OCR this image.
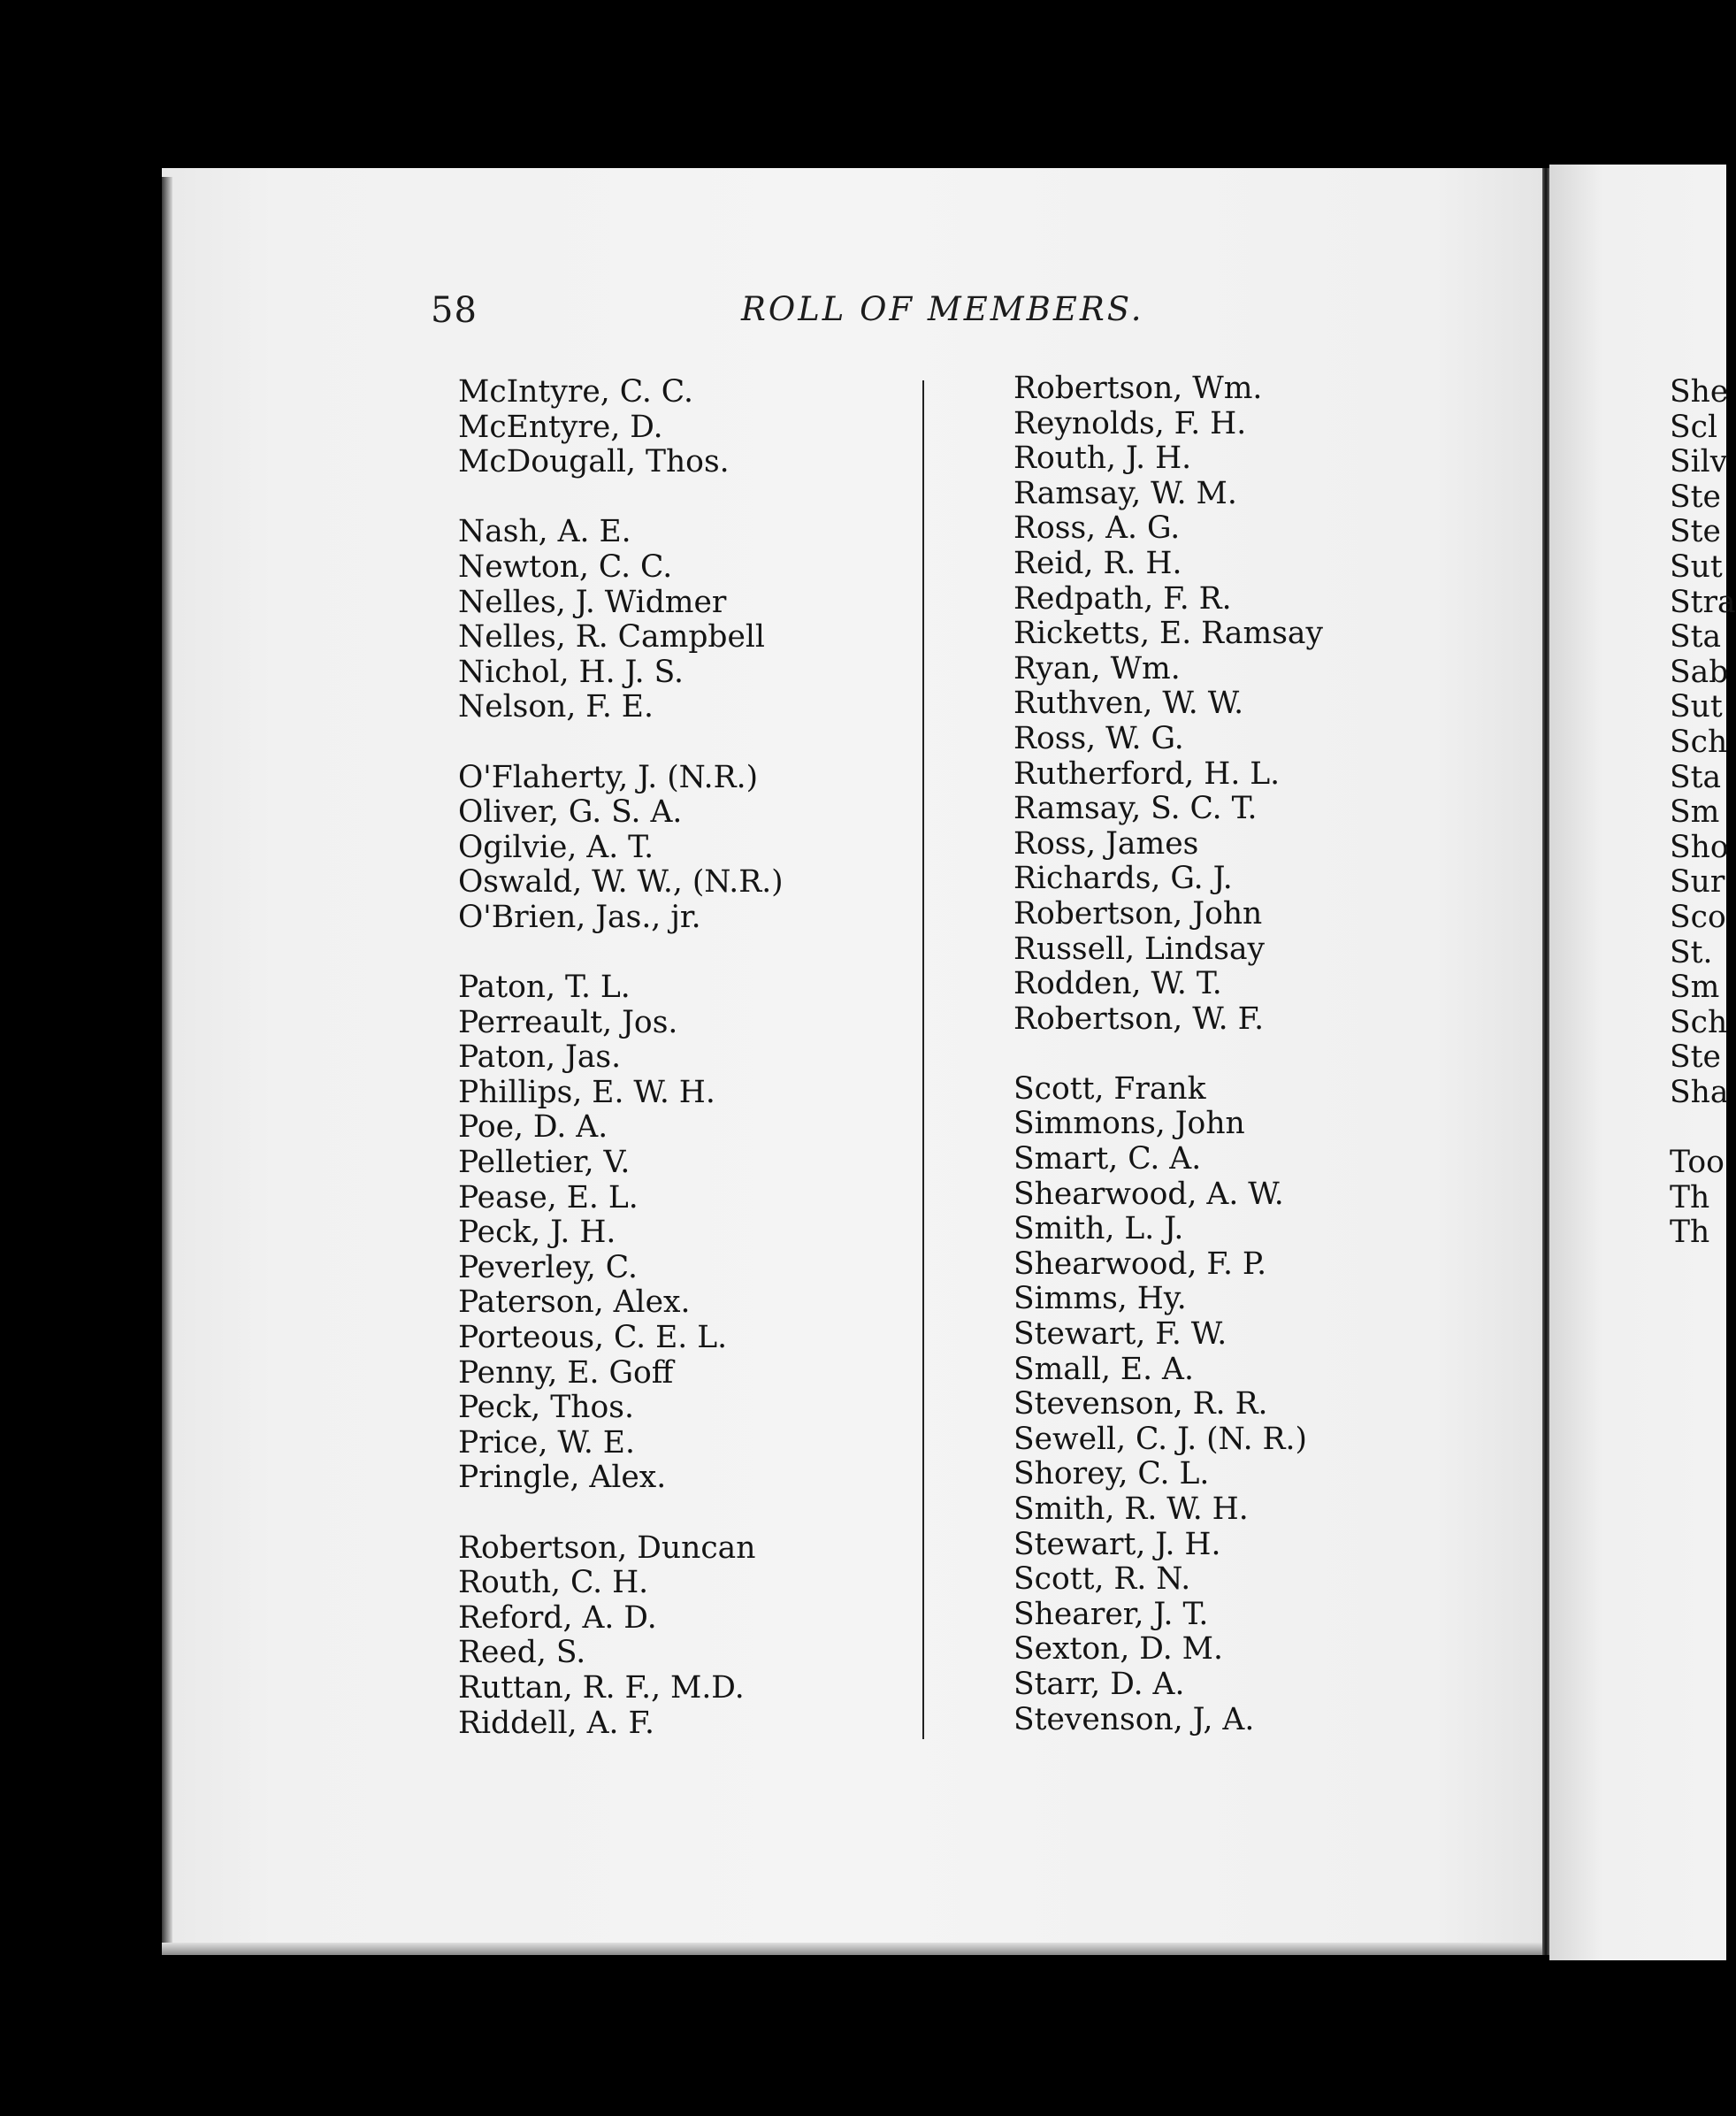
58	ROLL OF MEMBERS.
McIntyre, C. C.
McEntyre, D.
McDougall, Thos.
Nash, A. E.
Newton, C. C.
Nelles, J. Widmer
Nelles, R. Campbell
Nichol, H. J. S.
Nelson, F. E.
O'Flaherty, J. (N.R.)
Oliver, G. S. A.
Ogilvie, A. T.
Oswald, W. W., (N.R.)
O'Brien, Jas., jr.
Paton, T. L.
Perreault, Jos.
Paton, Jas.
Phillips, E. W. H.
Poe, D. A.
Pelletier, V.
Pease, E. L.
Peck, J. H.
Peverley, C.
Paterson, Alex.
Porteous, C. E. L.
Penny, E. Goff
Peck, Thos.
Price, W. E.
Pringle, Alex.
Robertson, Duncan
Routh, C. H.
Reford, A. D.
Reed, S.
Ruttan, R. F., M.D.
Riddell, A. F.
Robertson, Wm.
Reynolds, F. H.
Routh, J. H.
Ramsay, W. M.
Ross, A. G.
Reid, R. H.
Redpath, F. R.
Ricketts, E. Ramsay
Ryan, Wm.
Ruthven, W. W.
Ross, W. G.
Rutherford, H. L.
Ramsay, S. C. T.
Ross, James
Richards, G. J.
Robertson, John
Russell, Lindsay
Rodden, W. T.
Robertson, W. F.
Scott, Frank
Simmons, John
Smart, C. A.
Shearwood, A. W.
Smith, L. J.
Shearwood, F. P.
Simms, Hy.
Stewart, F. W.
Small, E. A.
Stevenson, R. R.
Sewell, C. J. (N. R.)
Shorey, C. L.
Smith, R. W. H.
Stewart, J. H.
Scott, R. N.
Shearer, J. T.
Sexton, D. M.
Starr, D. A.
Stevenson, J, A.
She
Scl
Silv
Ste
Ste
Sut
Stra
Sta
Sab
Sut
Sch
Sta
Sm
Sho
Sur
Sco
St.
Sm
Sch
Ste
Sha
Too
Th
Th
